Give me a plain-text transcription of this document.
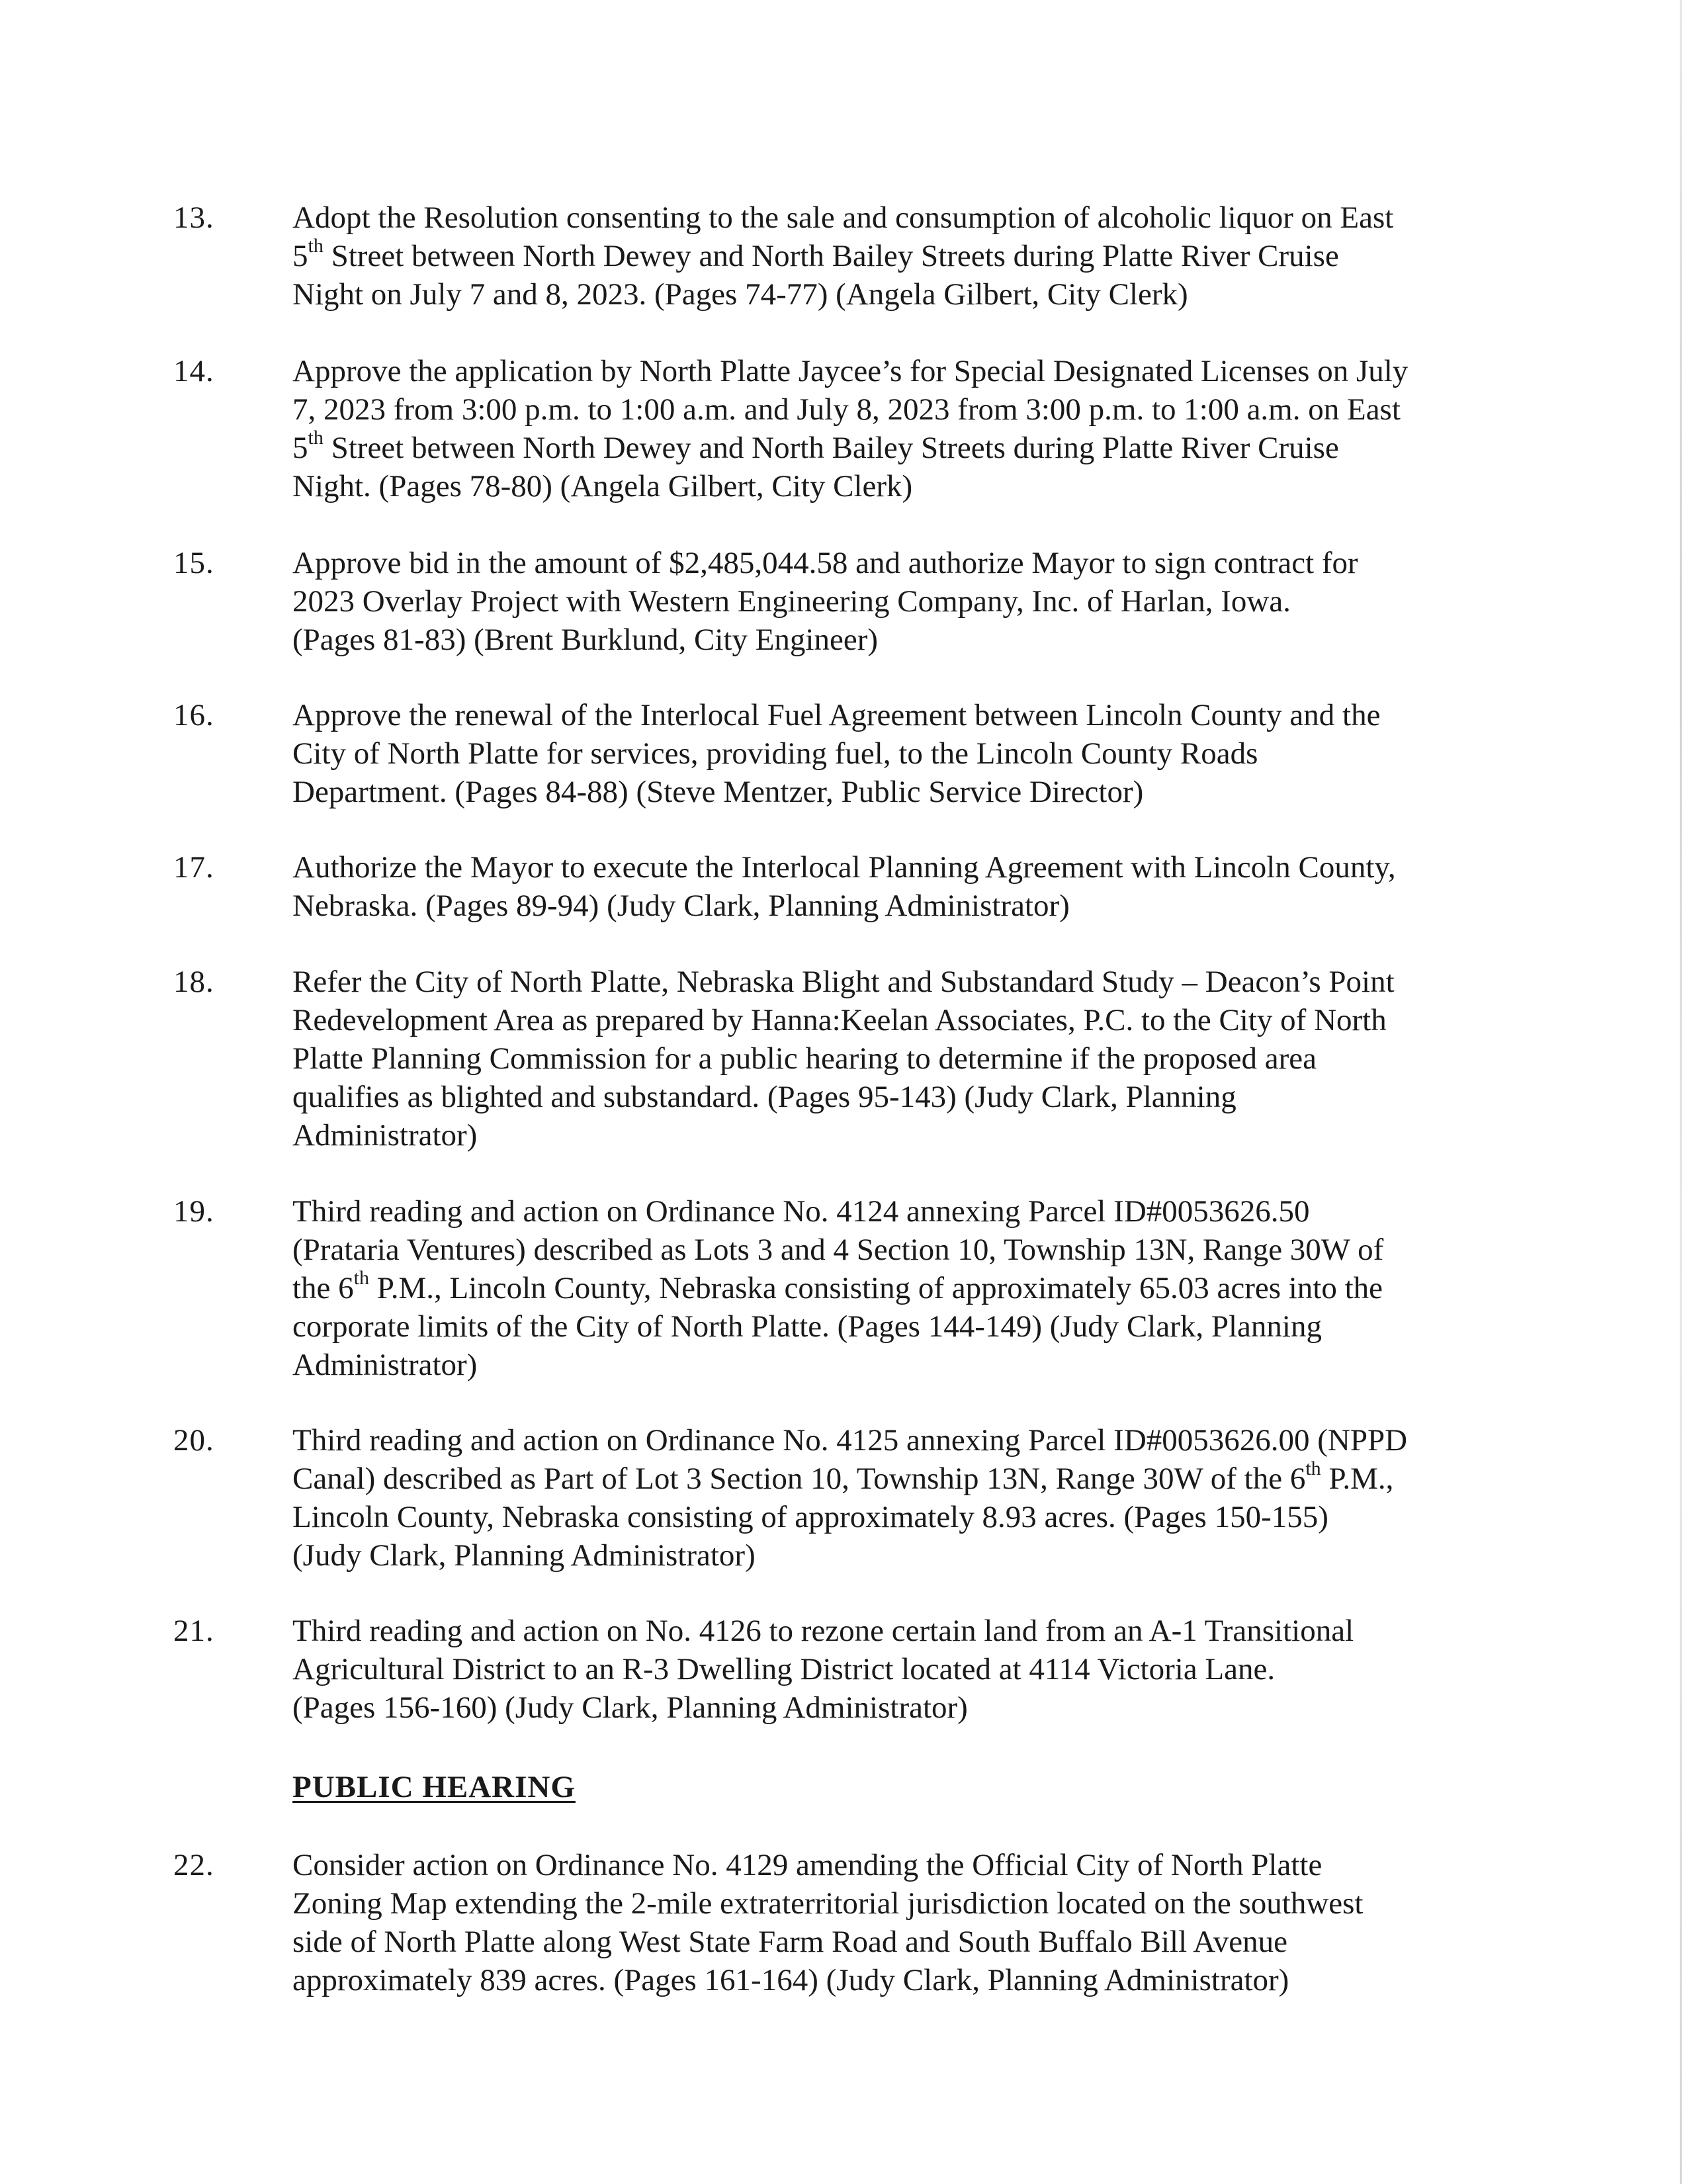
13.	Adopt the Resolution consenting to the sale and consumption of alcoholic liquor on East
5th Street between North Dewey and North Bailey Streets during Platte River Cruise
Night on July 7 and 8, 2023. (Pages 74-77) (Angela Gilbert, City Clerk)
14.	Approve the application by North Platte Jaycee’s for Special Designated Licenses on July
7, 2023 from 3:00 p.m. to 1:00 a.m. and July 8, 2023 from 3:00 p.m. to 1:00 a.m. on East
5th Street between North Dewey and North Bailey Streets during Platte River Cruise
Night. (Pages 78-80) (Angela Gilbert, City Clerk)
15.	Approve bid in the amount of $2,485,044.58 and authorize Mayor to sign contract for
2023 Overlay Project with Western Engineering Company, Inc. of Harlan, Iowa.
(Pages 81-83) (Brent Burklund, City Engineer)
16.	Approve the renewal of the Interlocal Fuel Agreement between Lincoln County and the
City of North Platte for services, providing fuel, to the Lincoln County Roads
Department. (Pages 84-88) (Steve Mentzer, Public Service Director)
17.	Authorize the Mayor to execute the Interlocal Planning Agreement with Lincoln County,
Nebraska. (Pages 89-94) (Judy Clark, Planning Administrator)
18.	Refer the City of North Platte, Nebraska Blight and Substandard Study – Deacon’s Point
Redevelopment Area as prepared by Hanna:Keelan Associates, P.C. to the City of North
Platte Planning Commission for a public hearing to determine if the proposed area
qualifies as blighted and substandard. (Pages 95-143) (Judy Clark, Planning
Administrator)
19.	Third reading and action on Ordinance No. 4124 annexing Parcel ID#0053626.50
(Prataria Ventures) described as Lots 3 and 4 Section 10, Township 13N, Range 30W of
the 6th P.M., Lincoln County, Nebraska consisting of approximately 65.03 acres into the
corporate limits of the City of North Platte. (Pages 144-149) (Judy Clark, Planning
Administrator)
20.	Third reading and action on Ordinance No. 4125 annexing Parcel ID#0053626.00 (NPPD
Canal) described as Part of Lot 3 Section 10, Township 13N, Range 30W of the 6th P.M.,
Lincoln County, Nebraska consisting of approximately 8.93 acres. (Pages 150-155)
(Judy Clark, Planning Administrator)
21.	Third reading and action on No. 4126 to rezone certain land from an A-1 Transitional
Agricultural District to an R-3 Dwelling District located at 4114 Victoria Lane.
(Pages 156-160) (Judy Clark, Planning Administrator)
22.	Consider action on Ordinance No. 4129 amending the Official City of North Platte
Zoning Map extending the 2-mile extraterritorial jurisdiction located on the southwest
side of North Platte along West State Farm Road and South Buffalo Bill Avenue
approximately 839 acres. (Pages 161-164) (Judy Clark, Planning Administrator)
PUBLIC HEARING
